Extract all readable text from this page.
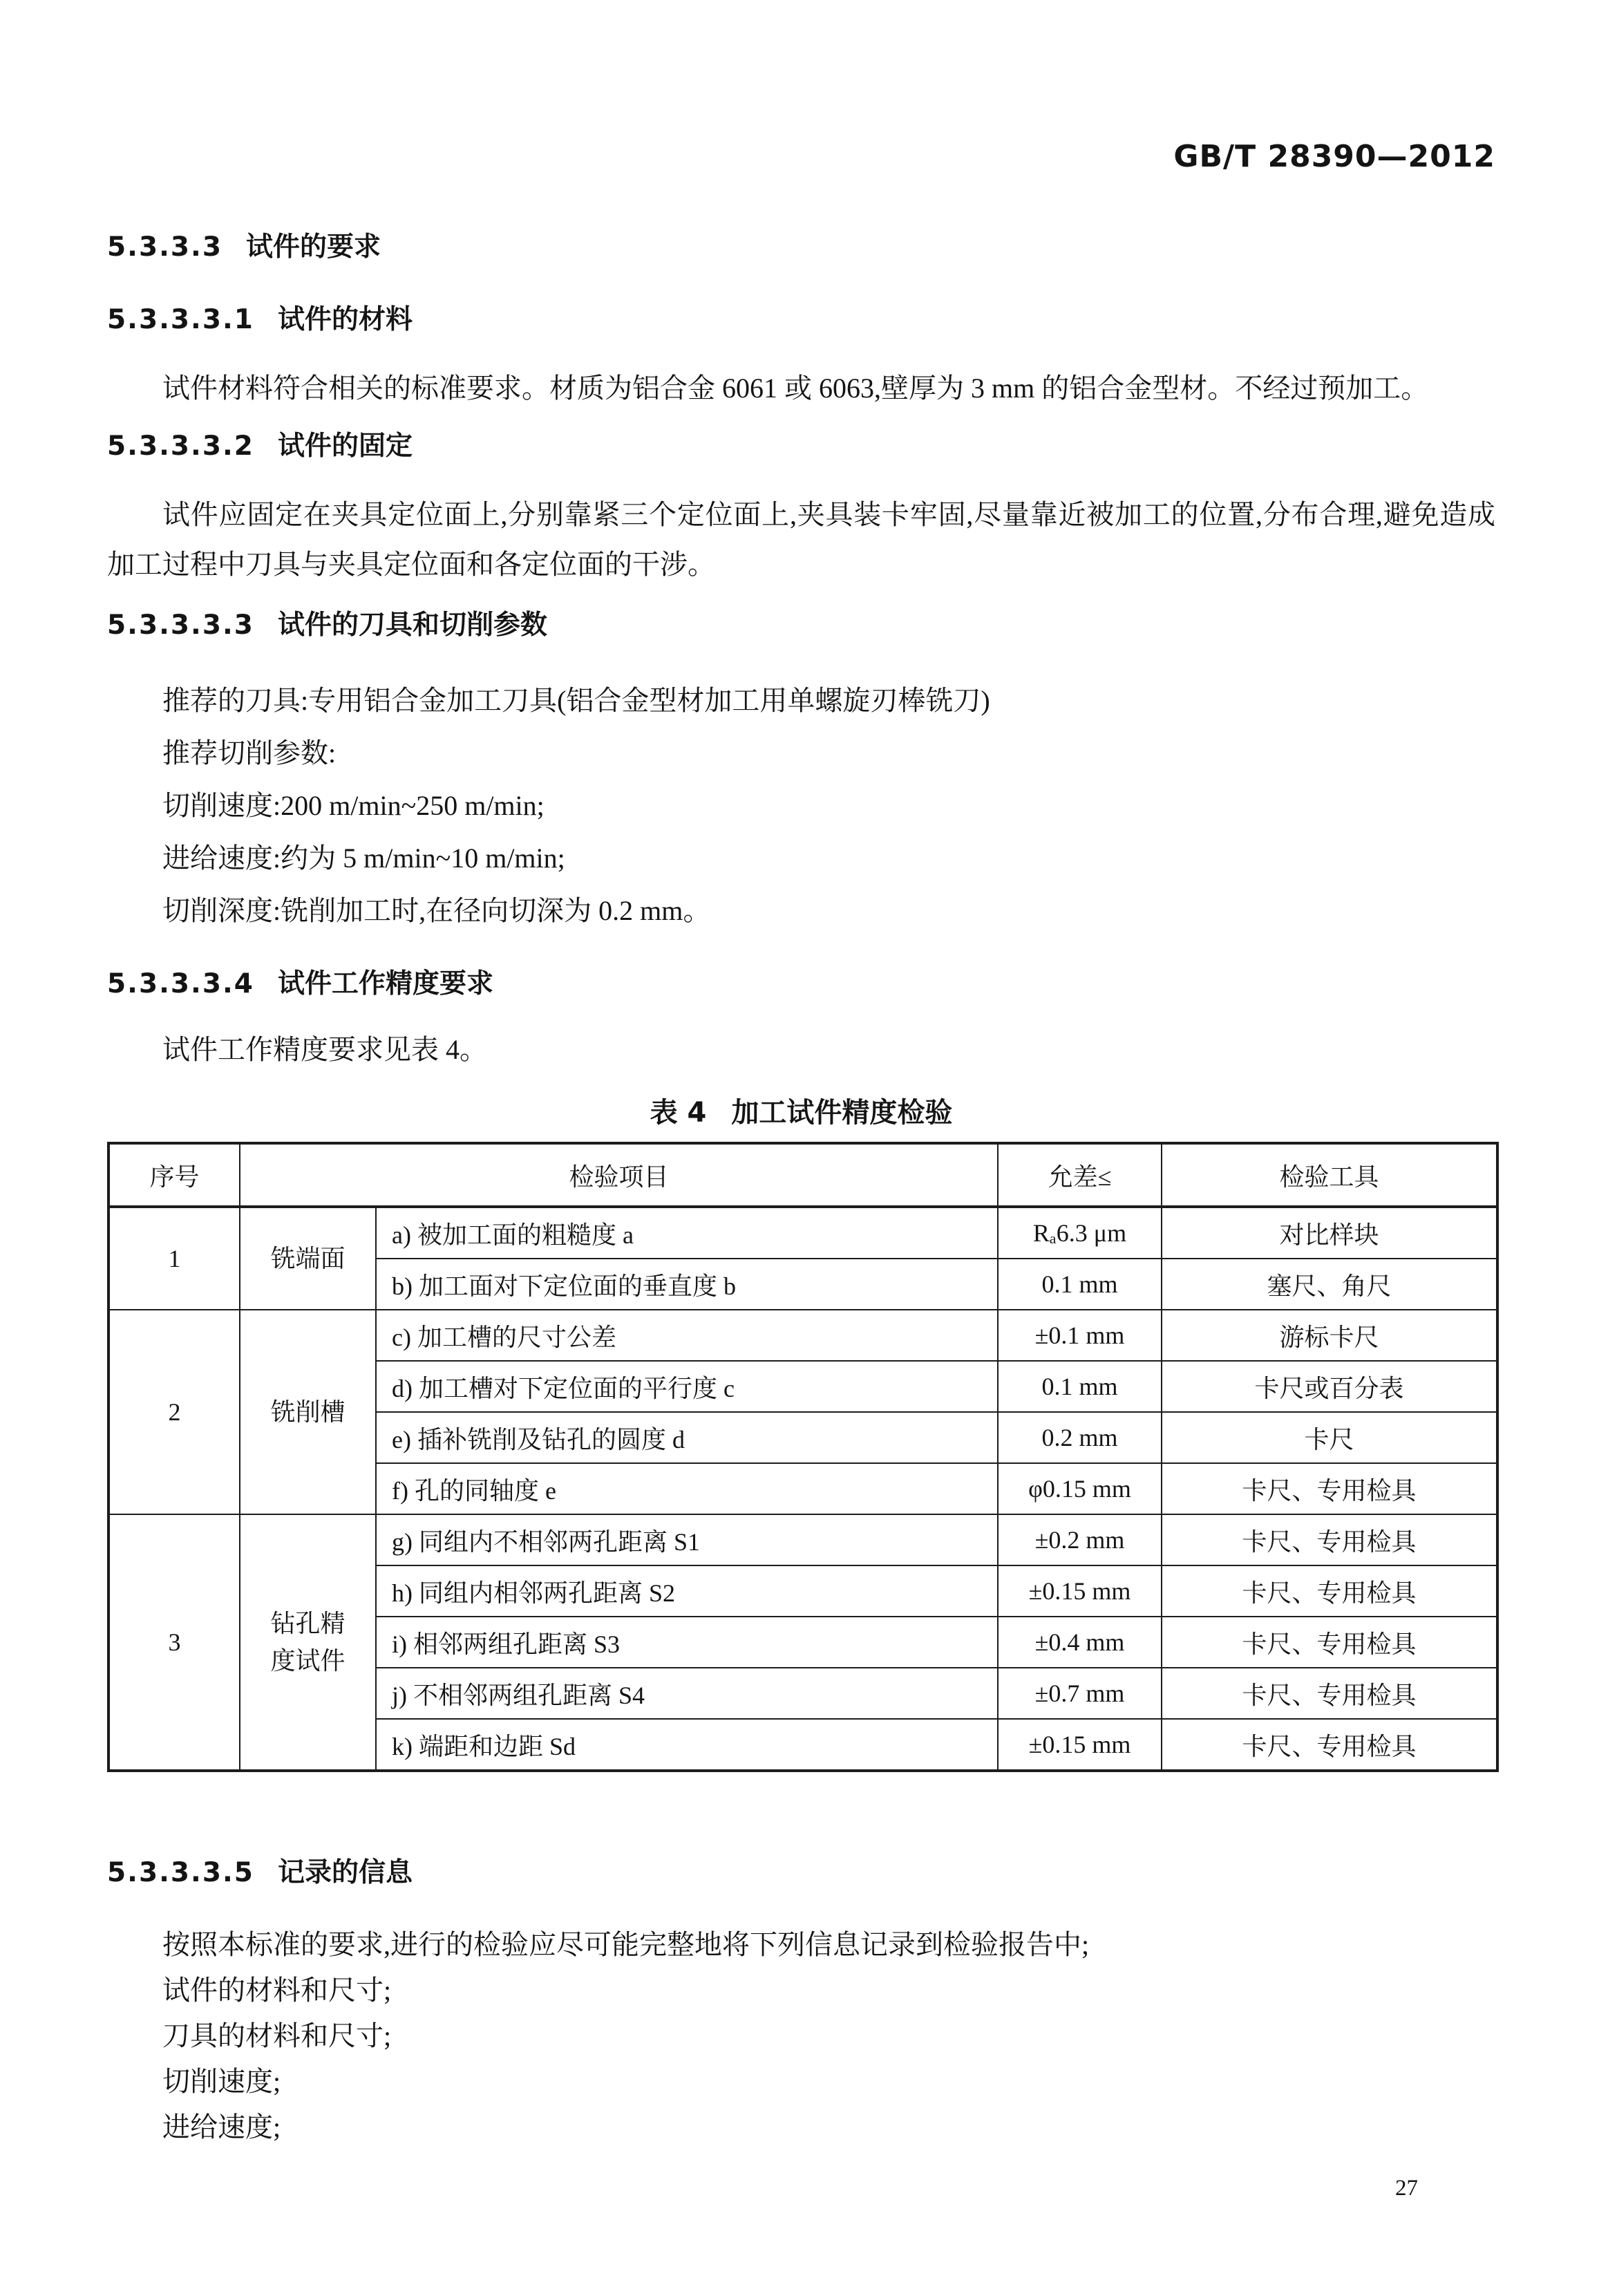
GB/T 28390—2012
5.3.3.3 试件的要求
5.3.3.3.1 试件的材料
试件材料符合相关的标准要求。材质为铝合金 6061 或 6063,壁厚为 3 mm 的铝合金型材。不经过预加工。
5.3.3.3.2 试件的固定
试件应固定在夹具定位面上,分别靠紧三个定位面上,夹具装卡牢固,尽量靠近被加工的位置,分布合理,避免造成加工过程中刀具与夹具定位面和各定位面的干涉。
5.3.3.3.3 试件的刀具和切削参数
推荐的刀具:专用铝合金加工刀具(铝合金型材加工用单螺旋刃棒铣刀)
推荐切削参数:
切削速度:200 m/min~250 m/min;
进给速度:约为 5 m/min~10 m/min;
切削深度:铣削加工时,在径向切深为 0.2 mm。
5.3.3.3.4 试件工作精度要求
试件工作精度要求见表 4。
表 4 加工试件精度检验
序号	检验项目		允差≤	检验工具
1	铣端面	a) 被加工面的粗糙度 a	Rₐ6.3 μm	对比样块
		b) 加工面对下定位面的垂直度 b	0.1 mm	塞尺、角尺
2	铣削槽	c) 加工槽的尺寸公差	±0.1 mm	游标卡尺
		d) 加工槽对下定位面的平行度 c	0.1 mm	卡尺或百分表
		e) 插补铣削及钻孔的圆度 d	0.2 mm	卡尺
		f) 孔的同轴度 e	φ0.15 mm	卡尺、专用检具
3	钻孔精度试件	g) 同组内不相邻两孔距离 S1	±0.2 mm	卡尺、专用检具
		h) 同组内相邻两孔距离 S2	±0.15 mm	卡尺、专用检具
		i) 相邻两组孔距离 S3	±0.4 mm	卡尺、专用检具
		j) 不相邻两组孔距离 S4	±0.7 mm	卡尺、专用检具
		k) 端距和边距 Sd	±0.15 mm	卡尺、专用检具
5.3.3.3.5 记录的信息
按照本标准的要求,进行的检验应尽可能完整地将下列信息记录到检验报告中;
试件的材料和尺寸;
刀具的材料和尺寸;
切削速度;
进给速度;
27
